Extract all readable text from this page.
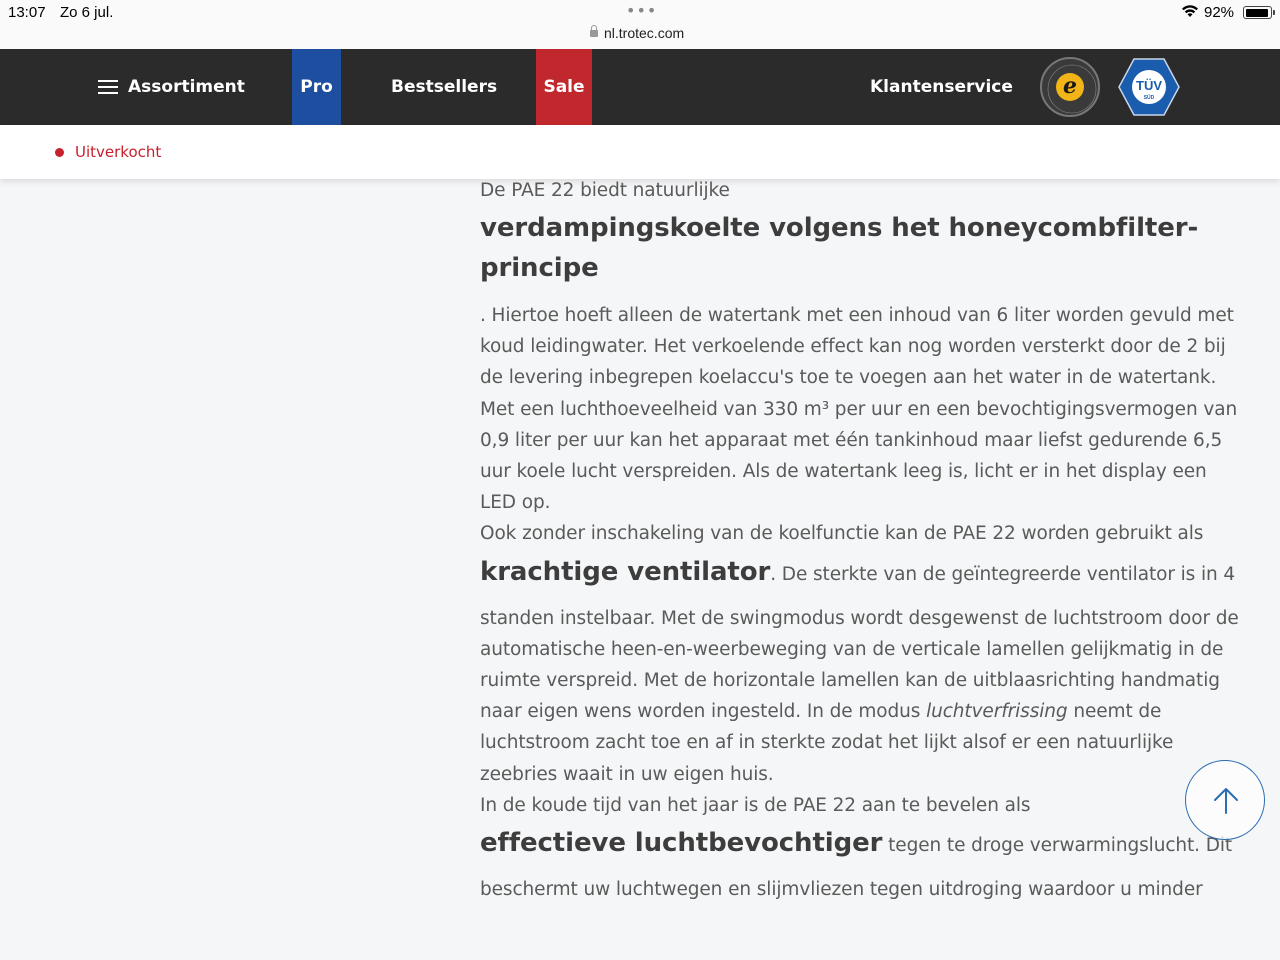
13:07 Zo 6 jul.	•••
nl.trotec.com
92%
Assortiment	Pro	Bestsellers	Sale	Klantenservice	e	TÜV
SÜD
Uitverkocht

De PAE 22 biedt natuurlijke
verdampingskoelte volgens het honeycombfilter-principe
. Hiertoe hoeft alleen de watertank met een inhoud van 6 liter worden gevuld met koud leidingwater. Het verkoelende effect kan nog worden versterkt door de 2 bij de levering inbegrepen koelaccu's toe te voegen aan het water in de watertank. Met een luchthoeveelheid van 330 m³ per uur en een bevochtigingsvermogen van 0,9 liter per uur kan het apparaat met één tankinhoud maar liefst gedurende 6,5 uur koele lucht verspreiden. Als de watertank leeg is, licht er in het display een LED op.

Ook zonder inschakeling van de koelfunctie kan de PAE 22 worden gebruikt als
krachtige ventilator. De sterkte van de geïntegreerde ventilator is in 4
standen instelbaar. Met de swingmodus wordt desgewenst de luchtstroom door de automatische heen-en-weerbeweging van de verticale lamellen gelijkmatig in de ruimte verspreid. Met de horizontale lamellen kan de uitblaasrichting handmatig naar eigen wens worden ingesteld. In de modus luchtverfrissing neemt de luchtstroom zacht toe en af in sterkte zodat het lijkt alsof er een natuurlijke zeebries waait in uw eigen huis.

In de koude tijd van het jaar is de PAE 22 aan te bevelen als
effectieve luchtbevochtiger tegen te droge verwarmingslucht. Dit
beschermt uw luchtwegen en slijmvliezen tegen uitdroging waardoor u minder
